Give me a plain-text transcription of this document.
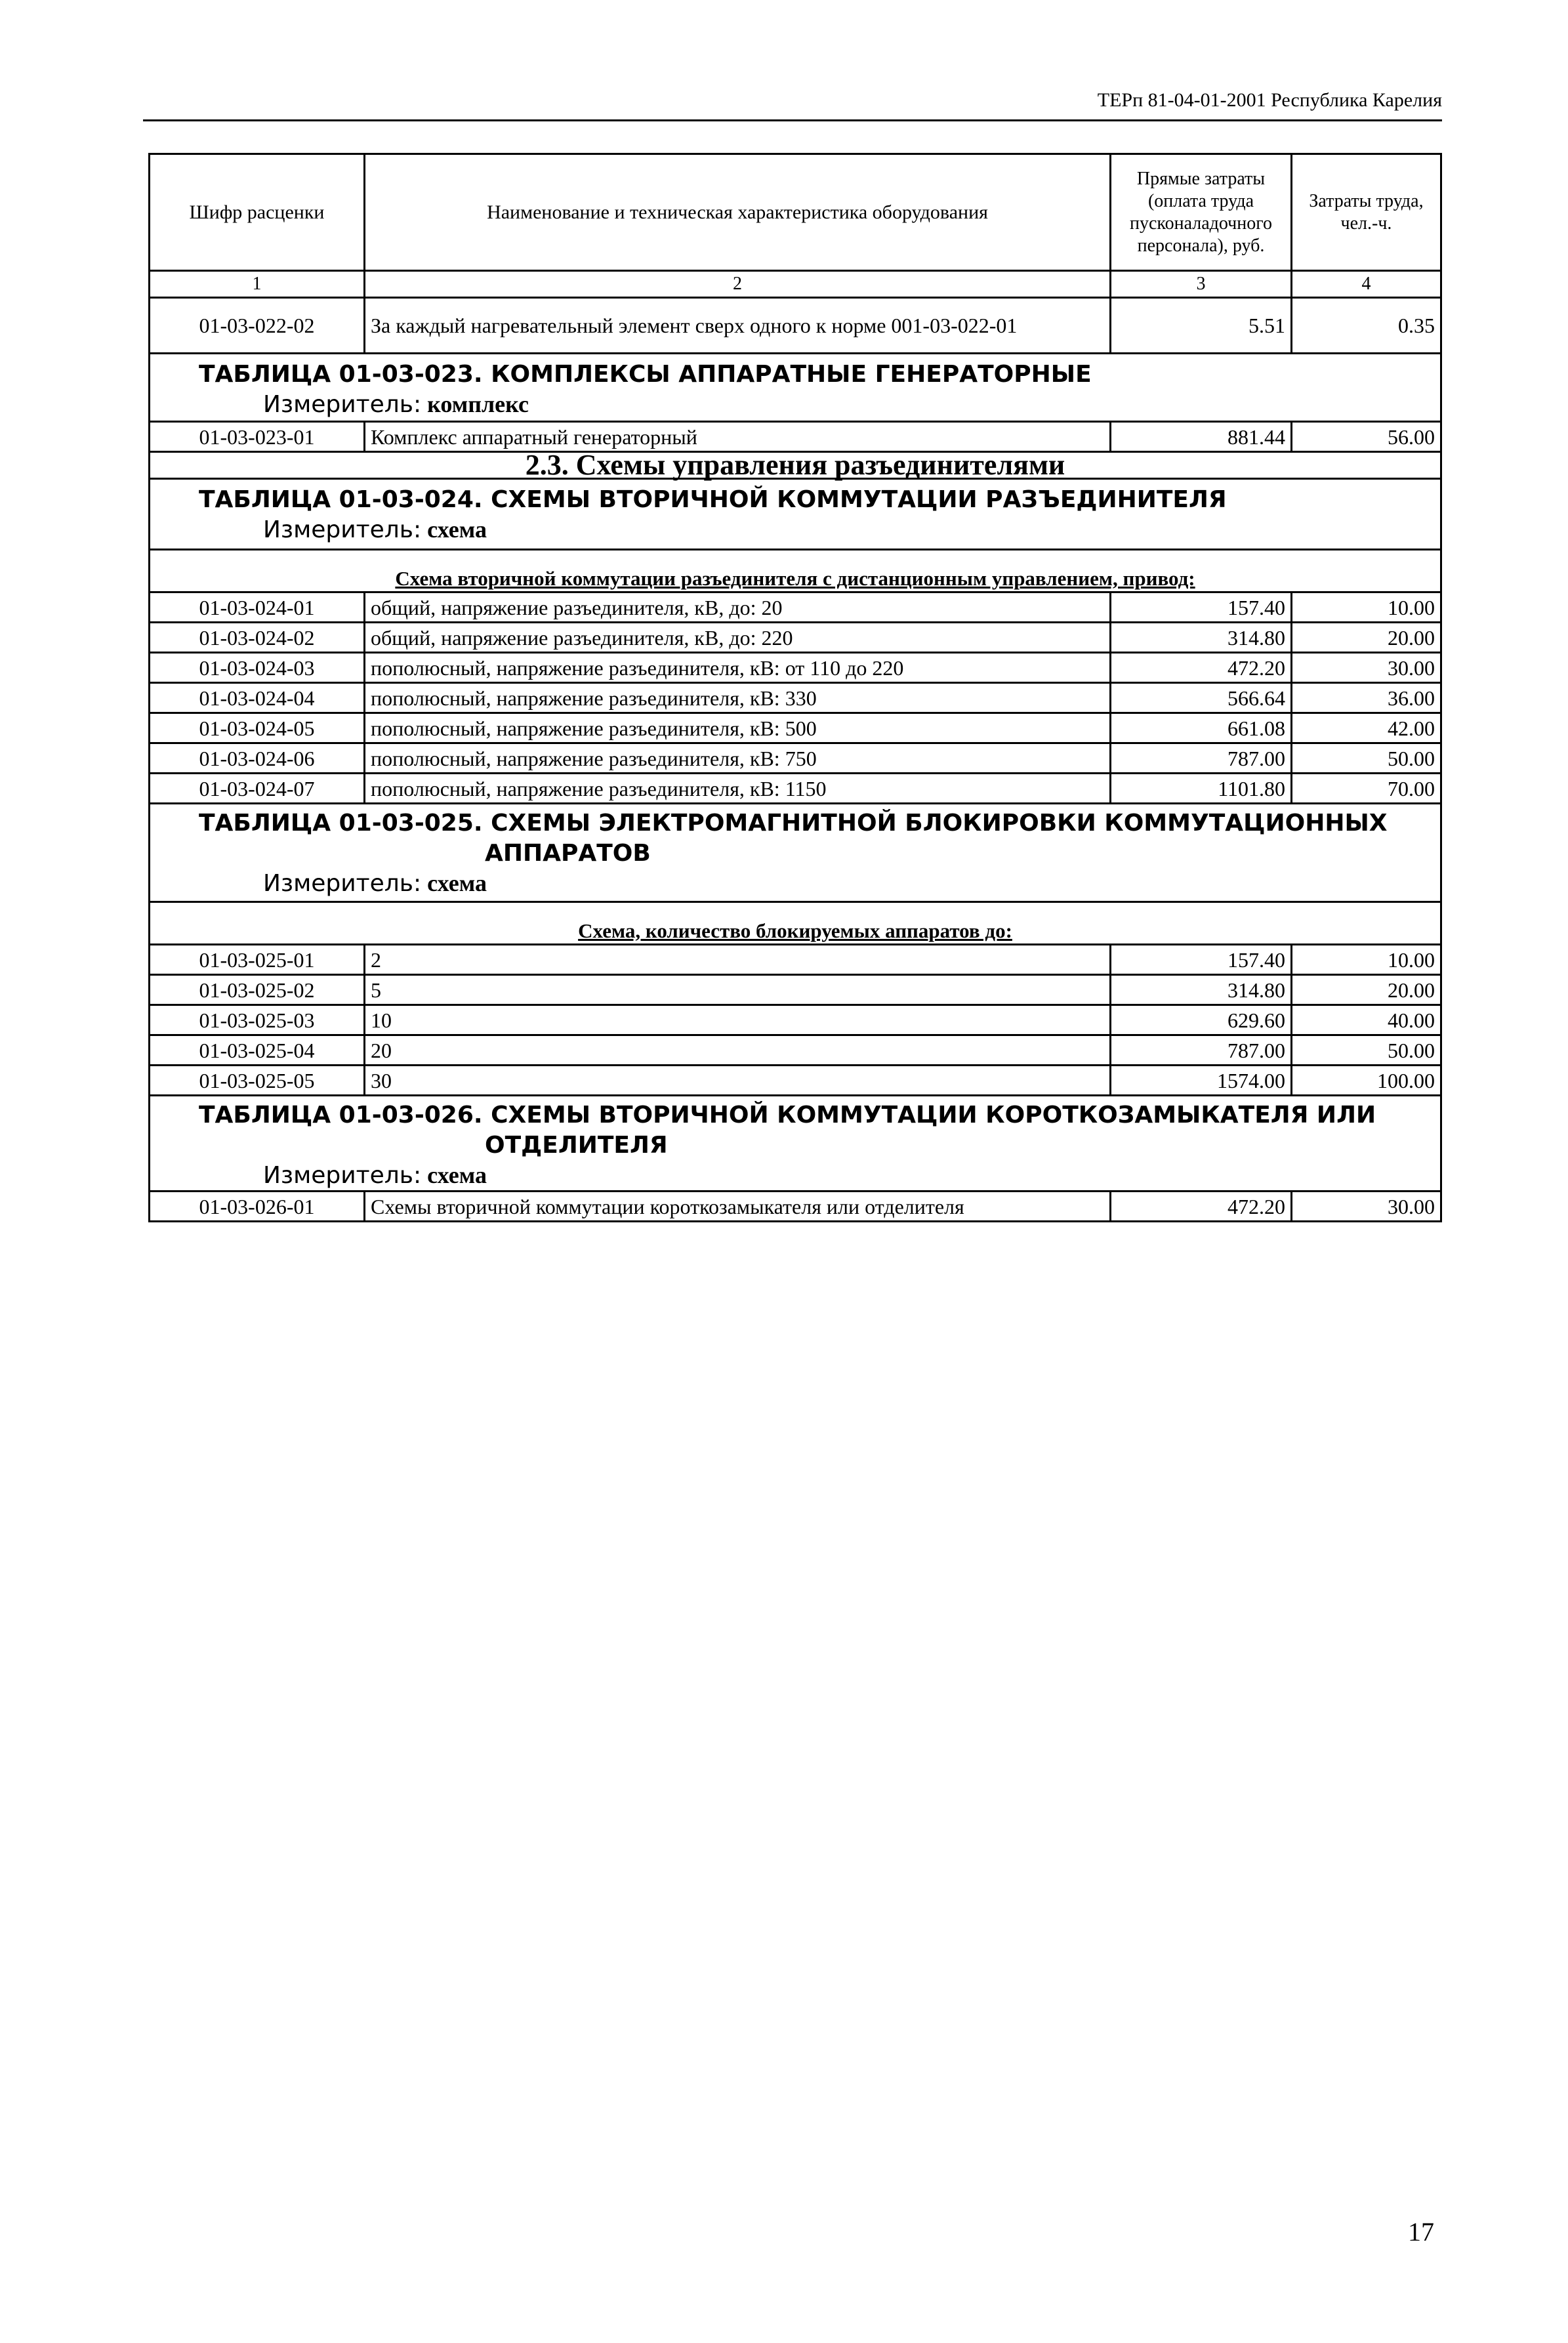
ТЕРп 81-04-01-2001 Республика Карелия
Шифр расценки	Наименование и техническая характеристика оборудования	Прямые затраты (оплата труда пусконаладочного персонала), руб.	Затраты труда, чел.-ч.
1	2	3	4
01-03-022-02	За каждый нагревательный элемент сверх одного к норме 001-03-022-01	5.51	0.35

ТАБЛИЦА 01-03-023. КОМПЛЕКСЫ АППАРАТНЫЕ ГЕНЕРАТОРНЫЕ
Измеритель: комплекс			

01-03-023-01	Комплекс аппаратный генераторный	881.44	56.00
2.3. Схемы управления разъединителями			

ТАБЛИЦА 01-03-024. СХЕМЫ ВТОРИЧНОЙ КОММУТАЦИИ РАЗЪЕДИНИТЕЛЯ
Измеритель: схема			

Схема вторичной коммутации разъединителя с дистанционным управлением, привод:			
01-03-024-01	общий, напряжение разъединителя, кВ, до: 20	157.40	10.00
01-03-024-02	общий, напряжение разъединителя, кВ, до: 220	314.80	20.00
01-03-024-03	пополюсный, напряжение разъединителя, кВ: от 110 до 220	472.20	30.00
01-03-024-04	пополюсный, напряжение разъединителя, кВ: 330	566.64	36.00
01-03-024-05	пополюсный, напряжение разъединителя, кВ: 500	661.08	42.00
01-03-024-06	пополюсный, напряжение разъединителя, кВ: 750	787.00	50.00
01-03-024-07	пополюсный, напряжение разъединителя, кВ: 1150	1101.80	70.00

ТАБЛИЦА 01-03-025. СХЕМЫ ЭЛЕКТРОМАГНИТНОЙ БЛОКИРОВКИ КОММУТАЦИОННЫХ
АППАРАТОВ
Измеритель: схема			

Схема, количество блокируемых аппаратов до:			
01-03-025-01	2	157.40	10.00
01-03-025-02	5	314.80	20.00
01-03-025-03	10	629.60	40.00
01-03-025-04	20	787.00	50.00
01-03-025-05	30	1574.00	100.00

ТАБЛИЦА 01-03-026. СХЕМЫ ВТОРИЧНОЙ КОММУТАЦИИ КОРОТКОЗАМЫКАТЕЛЯ ИЛИ
ОТДЕЛИТЕЛЯ
Измеритель: схема			

01-03-026-01	Схемы вторичной коммутации короткозамыкателя или отделителя	472.20	30.00
17
